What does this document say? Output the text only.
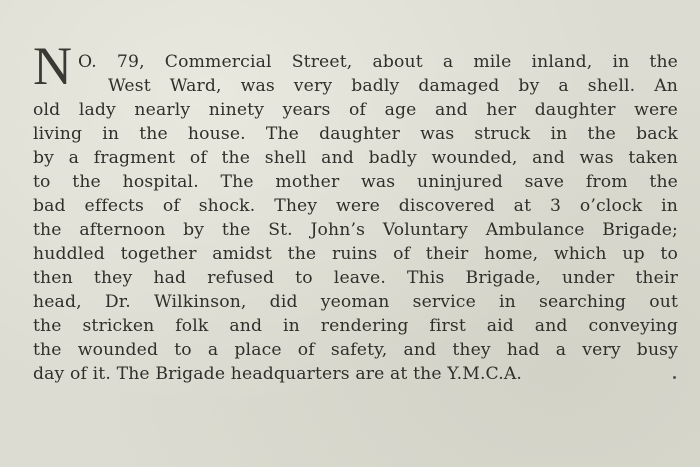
N O. 79, Commercial Street, about a mile inland, in the
West Ward, was very badly damaged by a shell. An
old lady nearly ninety years of age and her daughter were
living in the house. The daughter was struck in the back
by a fragment of the shell and badly wounded, and was taken
to the hospital. The mother was uninjured save from the
bad effects of shock. They were discovered at 3 o’clock in
the afternoon by the St. John’s Voluntary Ambulance Brigade;
huddled together amidst the ruins of their home, which up to
then they had refused to leave. This Brigade, under their
head, Dr. Wilkinson, did yeoman service in searching out
the stricken folk and in rendering first aid and conveying
the wounded to a place of safety, and they had a very busy
day of it. The Brigade headquarters are at the Y.M.C.A.
